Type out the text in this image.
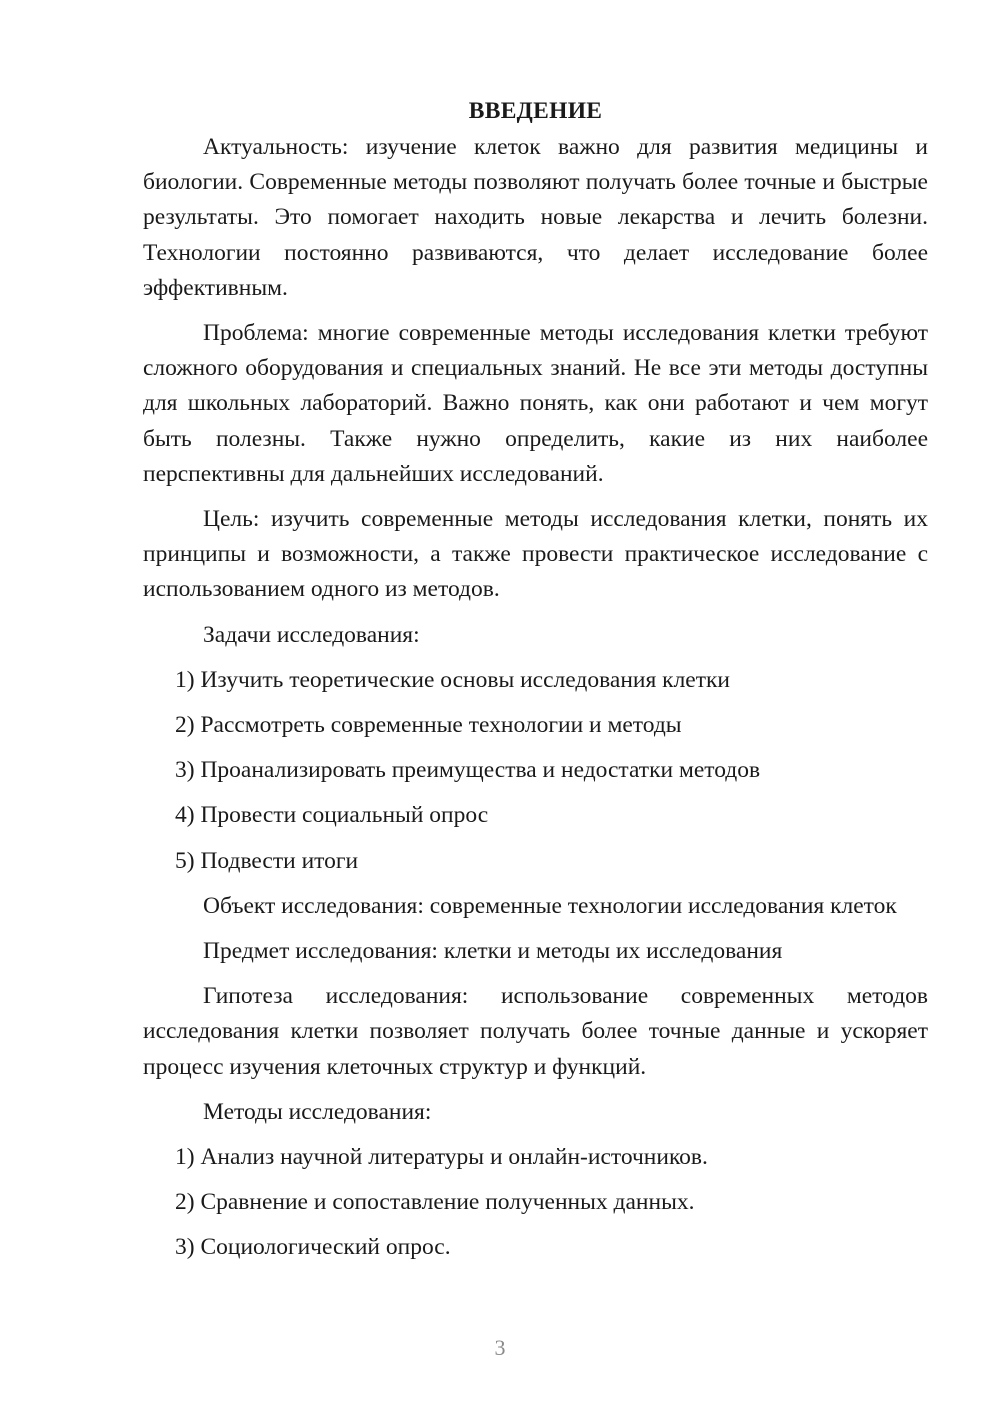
ВВЕДЕНИЕ

Актуальность: изучение клеток важно для развития медицины и биологии. Современные методы позволяют получать более точные и быстрые результаты. Это помогает находить новые лекарства и лечить болезни. Технологии постоянно развиваются, что делает исследование более эффективным.

Проблема: многие современные методы исследования клетки требуют сложного оборудования и специальных знаний. Не все эти методы доступны для школьных лабораторий. Важно понять, как они работают и чем могут быть полезны. Также нужно определить, какие из них наиболее перспективны для дальнейших исследований.

Цель: изучить современные методы исследования клетки, понять их принципы и возможности, а также провести практическое исследование с использованием одного из методов.

Задачи исследования:

1) Изучить теоретические основы исследования клетки
2) Рассмотреть современные технологии и методы
3) Проанализировать преимущества и недостатки методов
4) Провести социальный опрос
5) Подвести итоги

Объект исследования: современные технологии исследования клеток

Предмет исследования: клетки и методы их исследования

Гипотеза исследования: использование современных методов исследования клетки позволяет получать более точные данные и ускоряет процесс изучения клеточных структур и функций.

Методы исследования:

1) Анализ научной литературы и онлайн-источников.
2) Сравнение и сопоставление полученных данных.
3) Социологический опрос.
3
